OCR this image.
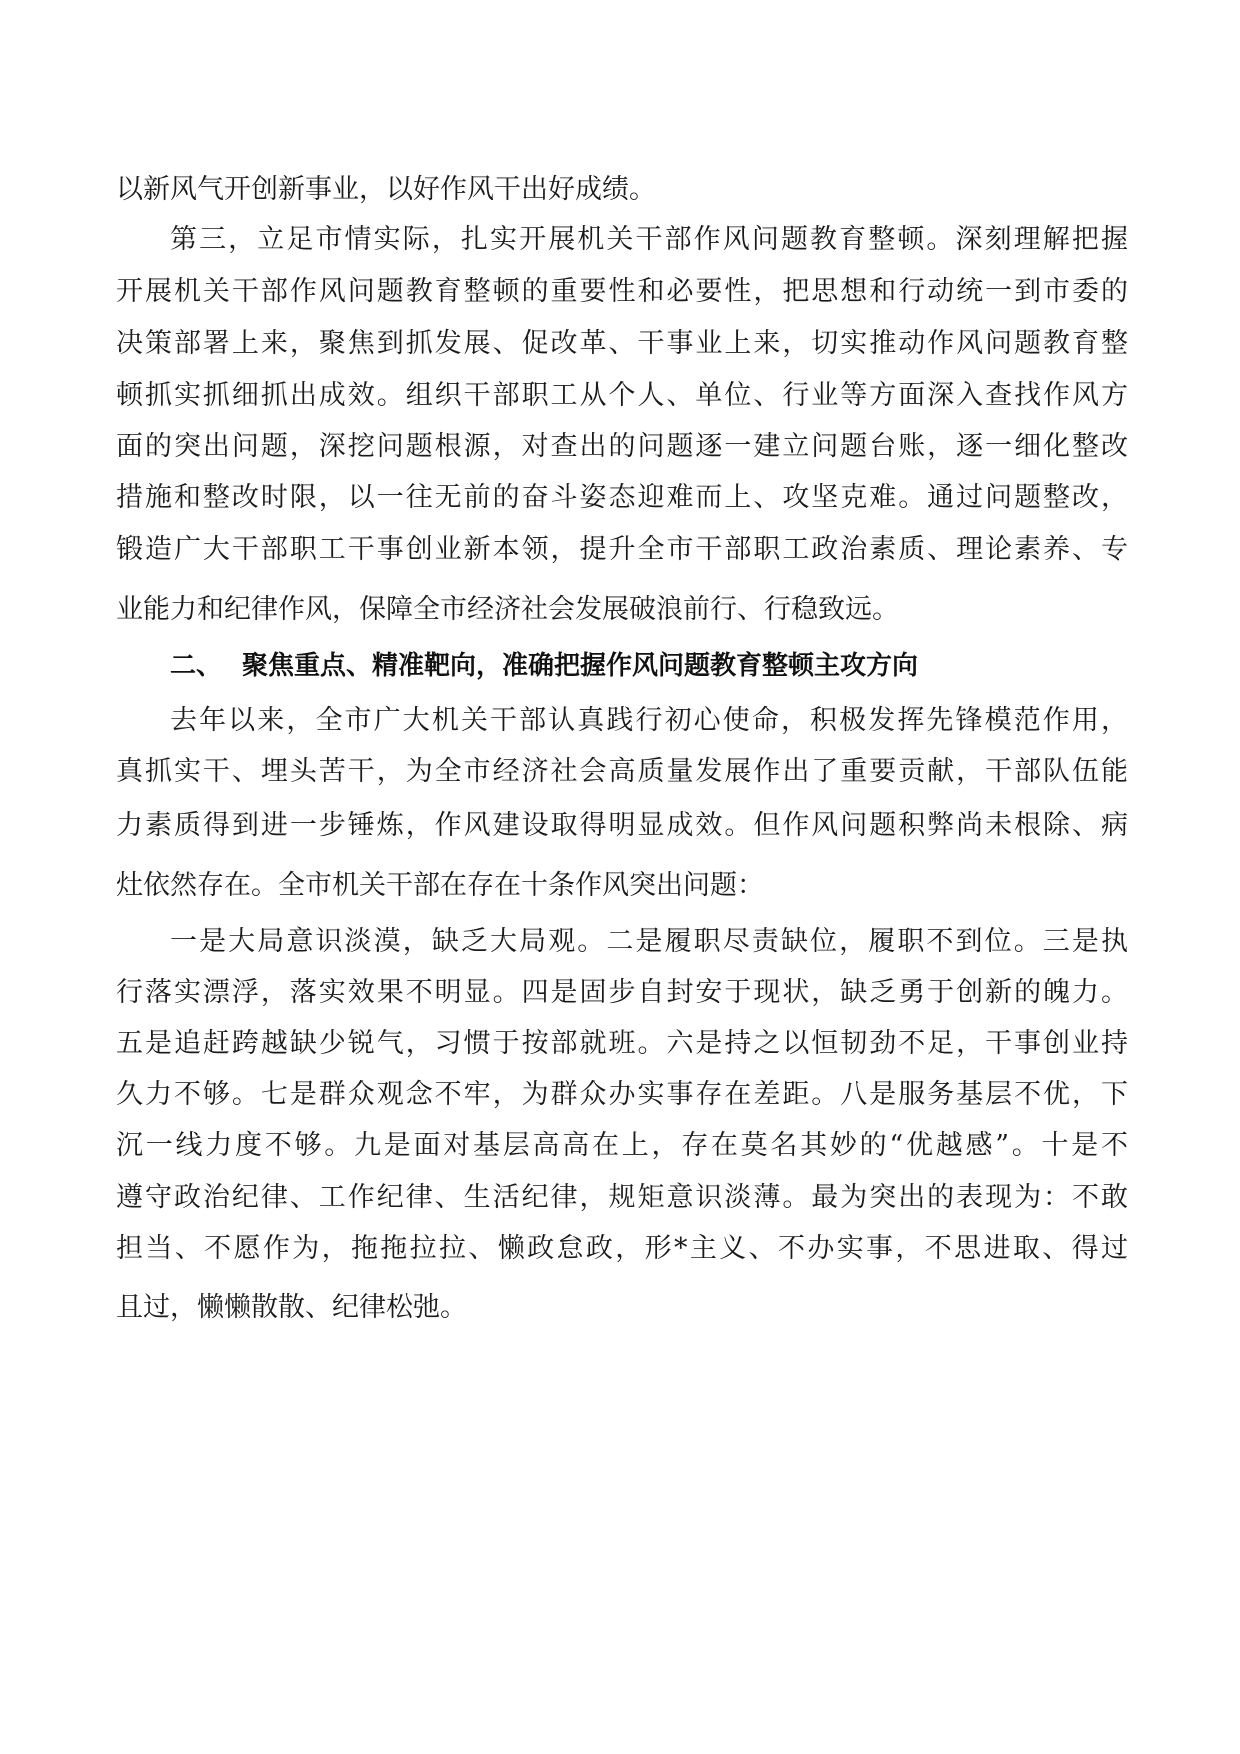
以新风气开创新事业，以好作风干出好成绩。

第三，立足市情实际，扎实开展机关干部作风问题教育整顿。深刻理解把握

开展机关干部作风问题教育整顿的重要性和必要性，把思想和行动统一到市委的

决策部署上来，聚焦到抓发展、促改革、干事业上来，切实推动作风问题教育整

顿抓实抓细抓出成效。组织干部职工从个人、单位、行业等方面深入查找作风方

面的突出问题，深挖问题根源，对查出的问题逐一建立问题台账，逐一细化整改

措施和整改时限，以一往无前的奋斗姿态迎难而上、攻坚克难。通过问题整改，

锻造广大干部职工干事创业新本领，提升全市干部职工政治素质、理论素养、专

业能力和纪律作风，保障全市经济社会发展破浪前行、行稳致远。

二、 聚焦重点、精准靶向，准确把握作风问题教育整顿主攻方向

去年以来，全市广大机关干部认真践行初心使命，积极发挥先锋模范作用，

真抓实干、埋头苦干，为全市经济社会高质量发展作出了重要贡献，干部队伍能

力素质得到进一步锤炼，作风建设取得明显成效。但作风问题积弊尚未根除、病

灶依然存在。全市机关干部在存在十条作风突出问题：

一是大局意识淡漠，缺乏大局观。二是履职尽责缺位，履职不到位。三是执

行落实漂浮，落实效果不明显。四是固步自封安于现状，缺乏勇于创新的魄力。

五是追赶跨越缺少锐气，习惯于按部就班。六是持之以恒韧劲不足，干事创业持

久力不够。七是群众观念不牢，为群众办实事存在差距。八是服务基层不优，下

沉一线力度不够。九是面对基层高高在上，存在莫名其妙的“优越感”。十是不

遵守政治纪律、工作纪律、生活纪律，规矩意识淡薄。最为突出的表现为：不敢

担当、不愿作为，拖拖拉拉、懒政怠政，形*主义、不办实事，不思进取、得过

且过，懒懒散散、纪律松弛。
